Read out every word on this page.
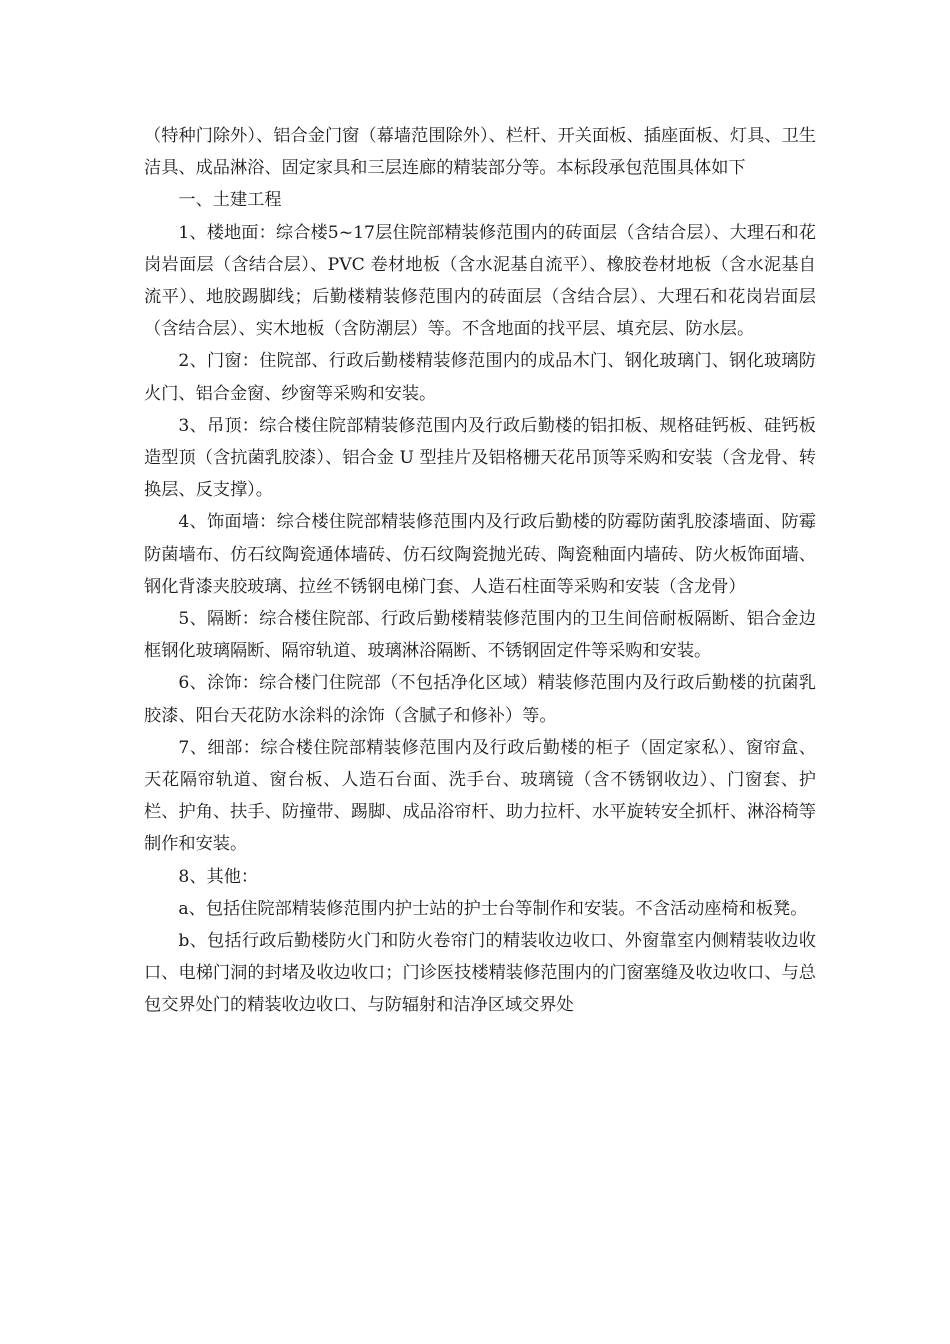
（特种门除外）、铝合金门窗（幕墙范围除外）、栏杆、开关面板、插座面板、灯具、卫生洁具、成品淋浴、固定家具和三层连廊的精装部分等。本标段承包范围具体如下

一、土建工程

1、楼地面：综合楼5~17层住院部精装修范围内的砖面层（含结合层）、大理石和花岗岩面层（含结合层）、PVC 卷材地板（含水泥基自流平）、橡胶卷材地板（含水泥基自流平）、地胶踢脚线；后勤楼精装修范围内的砖面层（含结合层）、大理石和花岗岩面层（含结合层）、实木地板（含防潮层）等。不含地面的找平层、填充层、防水层。

2、门窗：住院部、行政后勤楼精装修范围内的成品木门、钢化玻璃门、钢化玻璃防火门、铝合金窗、纱窗等采购和安装。

3、吊顶：综合楼住院部精装修范围内及行政后勤楼的铝扣板、规格硅钙板、硅钙板造型顶（含抗菌乳胶漆）、铝合金 U 型挂片及铝格栅天花吊顶等采购和安装（含龙骨、转换层、反支撑）。

4、饰面墙：综合楼住院部精装修范围内及行政后勤楼的防霉防菌乳胶漆墙面、防霉防菌墙布、仿石纹陶瓷通体墙砖、仿石纹陶瓷抛光砖、陶瓷釉面内墙砖、防火板饰面墙、钢化背漆夹胶玻璃、拉丝不锈钢电梯门套、人造石柱面等采购和安装（含龙骨）

5、隔断：综合楼住院部、行政后勤楼精装修范围内的卫生间倍耐板隔断、铝合金边框钢化玻璃隔断、隔帘轨道、玻璃淋浴隔断、不锈钢固定件等采购和安装。

6、涂饰：综合楼门住院部（不包括净化区域）精装修范围内及行政后勤楼的抗菌乳胶漆、阳台天花防水涂料的涂饰（含腻子和修补）等。

7、细部：综合楼住院部精装修范围内及行政后勤楼的柜子（固定家私）、窗帘盒、天花隔帘轨道、窗台板、人造石台面、洗手台、玻璃镜（含不锈钢收边）、门窗套、护栏、护角、扶手、防撞带、踢脚、成品浴帘杆、助力拉杆、水平旋转安全抓杆、淋浴椅等制作和安装。

8、其他：

a、包括住院部精装修范围内护士站的护士台等制作和安装。不含活动座椅和板凳。

b、包括行政后勤楼防火门和防火卷帘门的精装收边收口、外窗靠室内侧精装收边收口、电梯门洞的封堵及收边收口；门诊医技楼精装修范围内的门窗塞缝及收边收口、与总包交界处门的精装收边收口、与防辐射和洁净区域交界处
